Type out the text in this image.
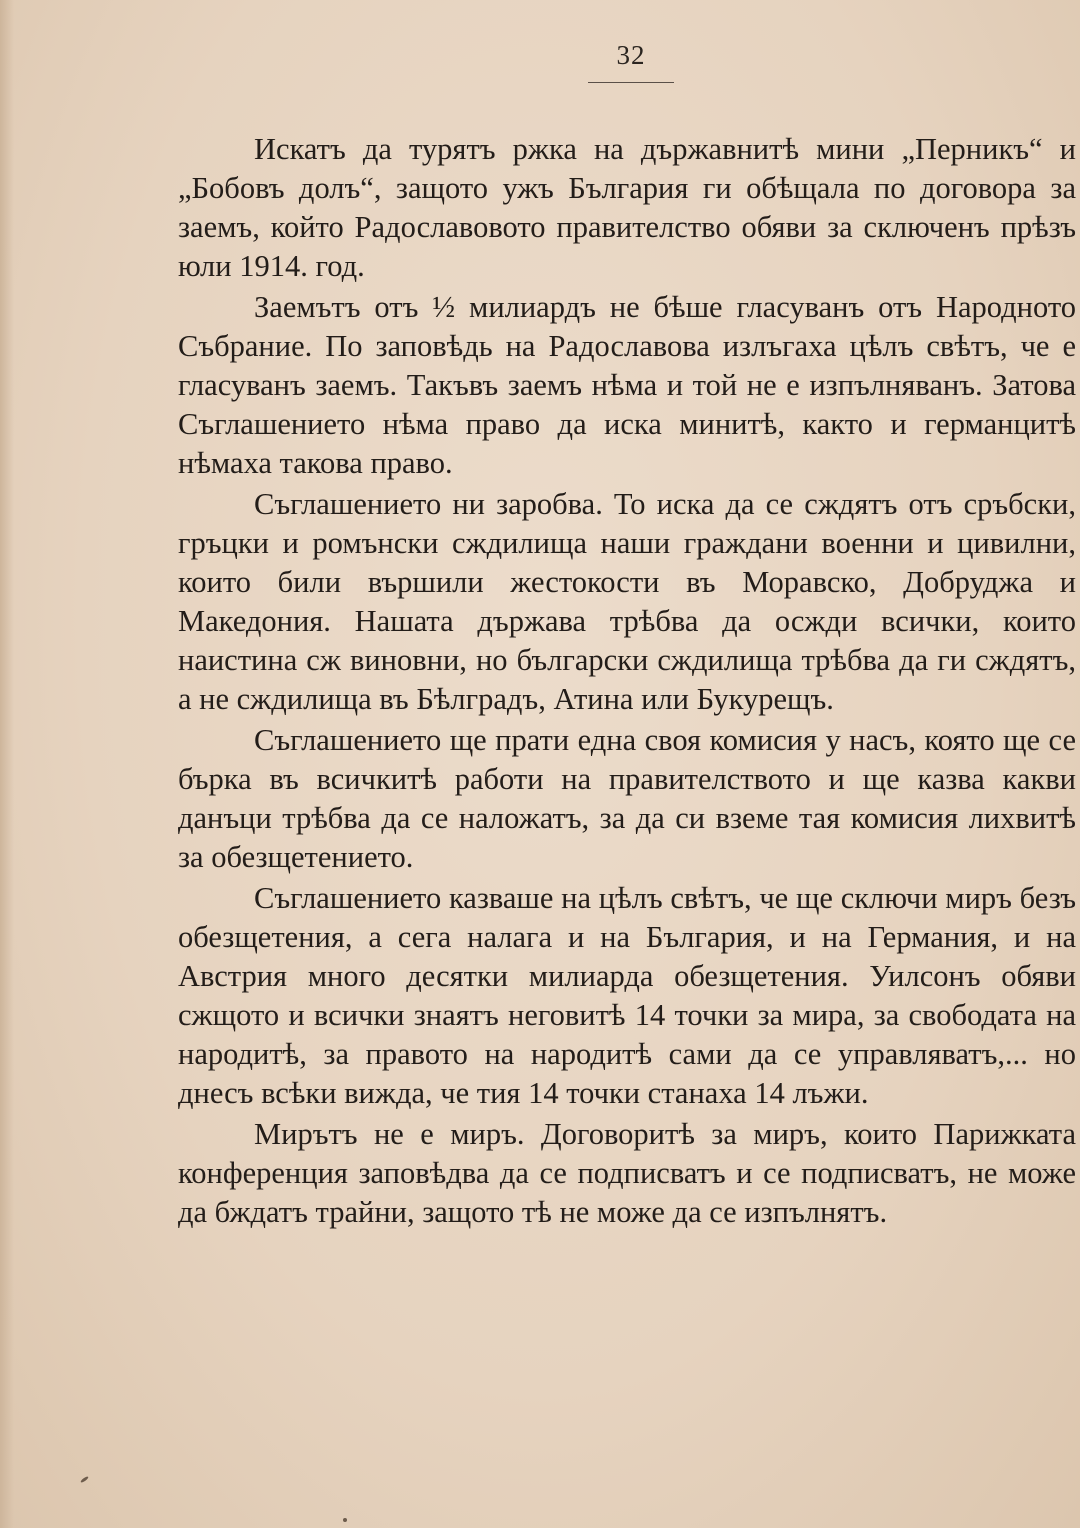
32

Искатъ да турятъ ржка на държавнитѣ мини „Перникъ“ и „Бобовъ долъ“, защото ужъ България ги обѣщала по договора за заемъ, който Радославовото правителство обяви за сключенъ прѣзъ юли 1914. год.

Заемътъ отъ ½ милиардъ не бѣше гласуванъ отъ Народното Събрание. По заповѣдь на Радославова излъгаха цѣлъ свѣтъ, че е гласуванъ заемъ. Такъвъ заемъ нѣма и той не е изпълняванъ. Затова Съглашението нѣма право да иска минитѣ, както и германцитѣ нѣмаха такова право.

Съглашението ни заробва. То иска да се сждятъ отъ сръбски, гръцки и ромънски сждилища наши граждани военни и цивилни, които били вършили жестокости въ Моравско, Добруджа и Македония. Нашата държава трѣбва да осжди всички, които наистина сж виновни, но български сждилища трѣбва да ги сждятъ, а не сждилища въ Бѣлградъ, Атина или Букурещъ.

Съглашението ще прати една своя комисия у насъ, която ще се бърка въ всичкитѣ работи на правителството и ще казва какви данъци трѣбва да се наложатъ, за да си вземе тая комисия лихвитѣ за обезщетението.

Съглашението казваше на цѣлъ свѣтъ, че ще сключи миръ безъ обезщетения, а сега налага и на България, и на Германия, и на Австрия много десятки милиарда обезщетения. Уилсонъ обяви сжщото и всички знаятъ неговитѣ 14 точки за мира, за свободата на народитѣ, за правото на народитѣ сами да се управляватъ,... но днесъ всѣки вижда, че тия 14 точки станаха 14 лъжи.

Мирътъ не е миръ. Договоритѣ за миръ, които Парижката конференция заповѣдва да се подписватъ и се подписватъ, не може да бждатъ трайни, защото тѣ не може да се изпълнятъ.
